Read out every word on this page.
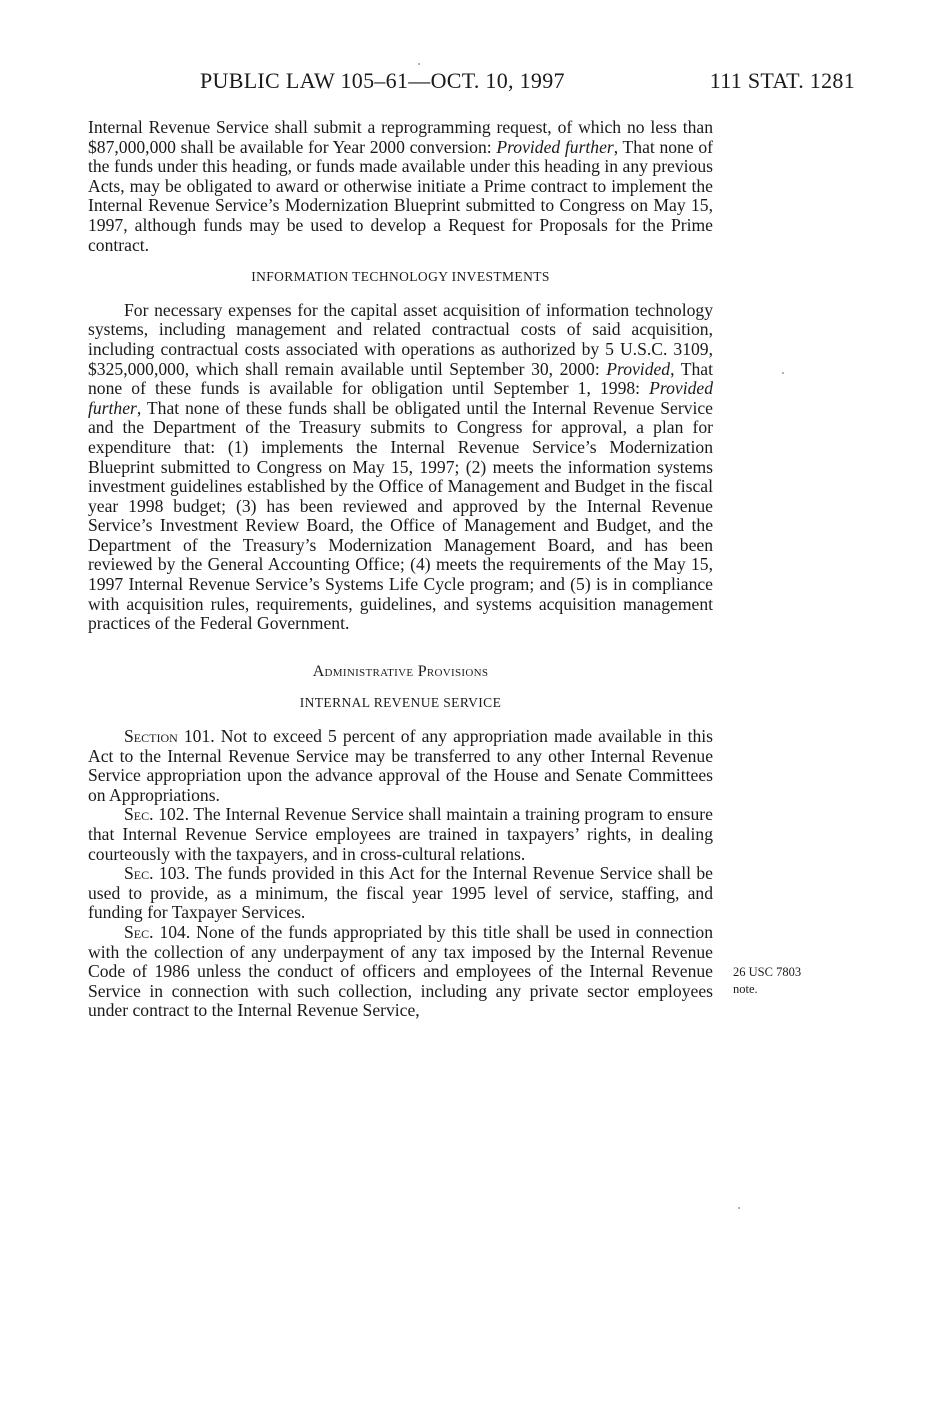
PUBLIC LAW 105–61—OCT. 10, 1997	111 STAT. 1281

Internal Revenue Service shall submit a reprogramming request, of which no less than $87,000,000 shall be available for Year 2000 conversion: Provided further, That none of the funds under this heading, or funds made available under this heading in any previous Acts, may be obligated to award or otherwise initiate a Prime contract to implement the Internal Revenue Service’s Modernization Blueprint submitted to Congress on May 15, 1997, although funds may be used to develop a Request for Proposals for the Prime contract.

INFORMATION TECHNOLOGY INVESTMENTS

For necessary expenses for the capital asset acquisition of information technology systems, including management and related contractual costs of said acquisition, including contractual costs associated with operations as authorized by 5 U.S.C. 3109, $325,000,000, which shall remain available until September 30, 2000: Provided, That none of these funds is available for obligation until September 1, 1998: Provided further, That none of these funds shall be obligated until the Internal Revenue Service and the Department of the Treasury submits to Congress for approval, a plan for expenditure that: (1) implements the Internal Revenue Service’s Modernization Blueprint submitted to Congress on May 15, 1997; (2) meets the information systems investment guidelines established by the Office of Management and Budget in the fiscal year 1998 budget; (3) has been reviewed and approved by the Internal Revenue Service’s Investment Review Board, the Office of Management and Budget, and the Department of the Treasury’s Modernization Management Board, and has been reviewed by the General Accounting Office; (4) meets the requirements of the May 15, 1997 Internal Revenue Service’s Systems Life Cycle program; and (5) is in compliance with acquisition rules, requirements, guidelines, and systems acquisition management practices of the Federal Government.

Administrative Provisions
INTERNAL REVENUE SERVICE

Section 101. Not to exceed 5 percent of any appropriation made available in this Act to the Internal Revenue Service may be transferred to any other Internal Revenue Service appropriation upon the advance approval of the House and Senate Committees on Appropriations.

Sec. 102. The Internal Revenue Service shall maintain a training program to ensure that Internal Revenue Service employees are trained in taxpayers’ rights, in dealing courteously with the taxpayers, and in cross-cultural relations.

Sec. 103. The funds provided in this Act for the Internal Revenue Service shall be used to provide, as a minimum, the fiscal year 1995 level of service, staffing, and funding for Taxpayer Services.

Sec. 104. None of the funds appropriated by this title shall be used in connection with the collection of any underpayment of any tax imposed by the Internal Revenue Code of 1986 unless the conduct of officers and employees of the Internal Revenue Service in connection with such collection, including any private sector employees under contract to the Internal Revenue Service,

26 USC 7803
note.
